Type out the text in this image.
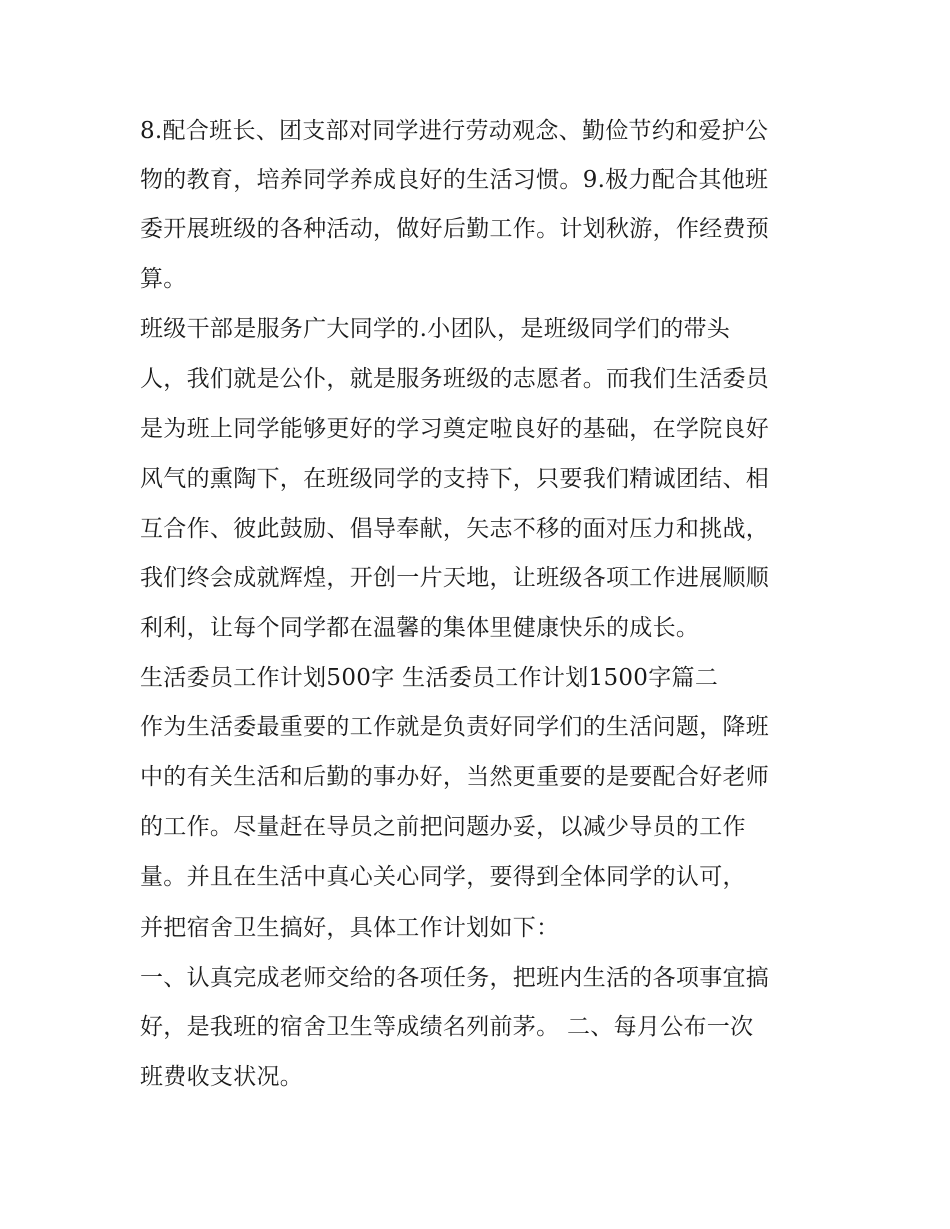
8.配合班长、团支部对同学进行劳动观念、勤俭节约和爱护公
物的教育，培养同学养成良好的生活习惯。9.极力配合其他班
委开展班级的各种活动，做好后勤工作。计划秋游，作经费预
算。
班级干部是服务广大同学的.小团队，是班级同学们的带头
人，我们就是公仆，就是服务班级的志愿者。而我们生活委员
是为班上同学能够更好的学习奠定啦良好的基础，在学院良好
风气的熏陶下，在班级同学的支持下，只要我们精诚团结、相
互合作、彼此鼓励、倡导奉献，矢志不移的面对压力和挑战，
我们终会成就辉煌，开创一片天地，让班级各项工作进展顺顺
利利，让每个同学都在温馨的集体里健康快乐的成长。
生活委员工作计划500字 生活委员工作计划1500字篇二
作为生活委最重要的工作就是负责好同学们的生活问题，降班
中的有关生活和后勤的事办好，当然更重要的是要配合好老师
的工作。尽量赶在导员之前把问题办妥，以减少导员的工作
量。并且在生活中真心关心同学，要得到全体同学的认可，
并把宿舍卫生搞好，具体工作计划如下：
一、认真完成老师交给的各项任务，把班内生活的各项事宜搞
好，是我班的宿舍卫生等成绩名列前茅。 二、每月公布一次
班费收支状况。
